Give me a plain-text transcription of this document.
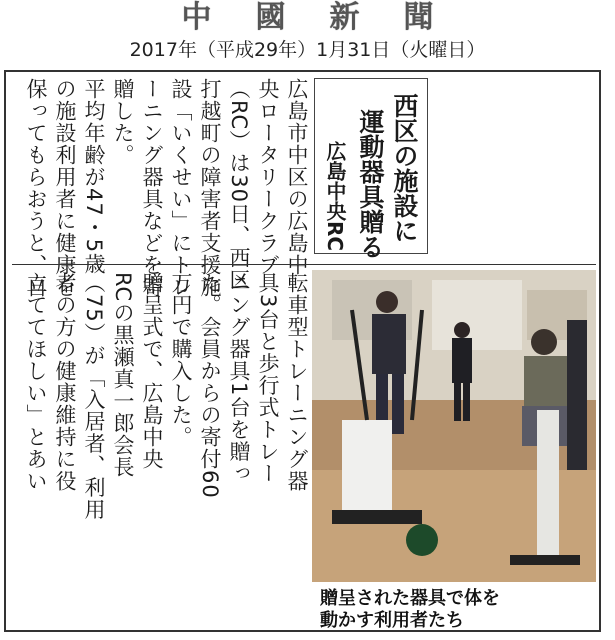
中國新聞
2017年（平成29年）1月31日（火曜日）
西区の施設に
運動器具贈る
広島中央RC
広島市中区の広島中
央ロータリークラブ
（RC）は30日、西区
打越町の障害者支援施
設「いくせい」にトレ
ーニング器具などを寄
贈した。
平均年齢が47・5歳
の施設利用者に健康を
保ってもらおうと、自
転車型トレーニング器
具3台と歩行式トレー
ニング器具1台を贈っ
た。会員からの寄付60
万円で購入した。
贈呈式で、広島中央
RCの黒瀬真一郎会長
（75）が「入居者、利用
者の方の健康維持に役
立ててほしい」とあい
贈呈された器具で体を
動かす利用者たち
